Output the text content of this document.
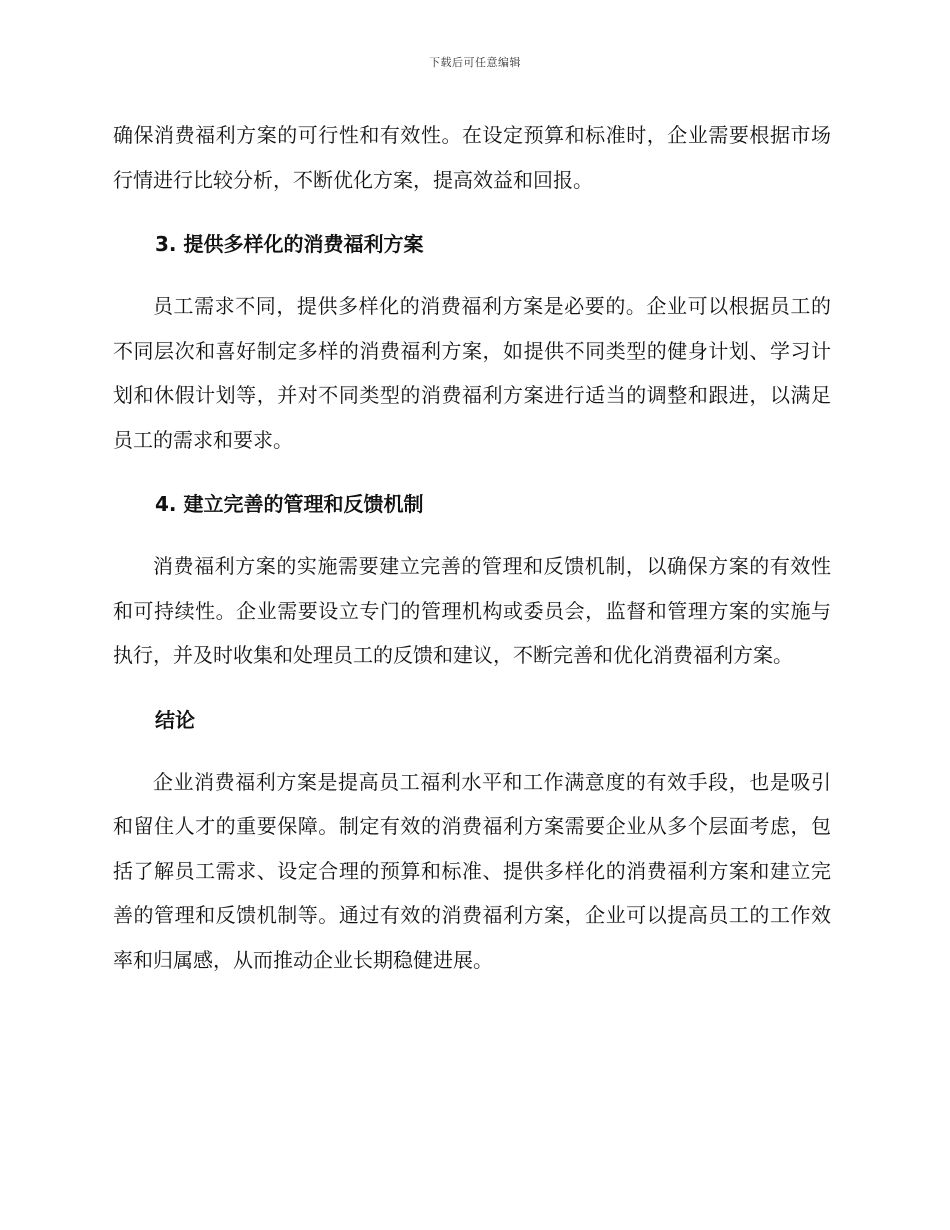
下载后可任意编辑

确保消费福利方案的可行性和有效性。在设定预算和标准时，企业需要根据市场行情进行比较分析，不断优化方案，提高效益和回报。

3. 提供多样化的消费福利方案

员工需求不同，提供多样化的消费福利方案是必要的。企业可以根据员工的不同层次和喜好制定多样的消费福利方案，如提供不同类型的健身计划、学习计划和休假计划等，并对不同类型的消费福利方案进行适当的调整和跟进，以满足员工的需求和要求。

4. 建立完善的管理和反馈机制

消费福利方案的实施需要建立完善的管理和反馈机制，以确保方案的有效性和可持续性。企业需要设立专门的管理机构或委员会，监督和管理方案的实施与执行，并及时收集和处理员工的反馈和建议，不断完善和优化消费福利方案。

结论

企业消费福利方案是提高员工福利水平和工作满意度的有效手段，也是吸引和留住人才的重要保障。制定有效的消费福利方案需要企业从多个层面考虑，包括了解员工需求、设定合理的预算和标准、提供多样化的消费福利方案和建立完善的管理和反馈机制等。通过有效的消费福利方案，企业可以提高员工的工作效率和归属感，从而推动企业长期稳健进展。
